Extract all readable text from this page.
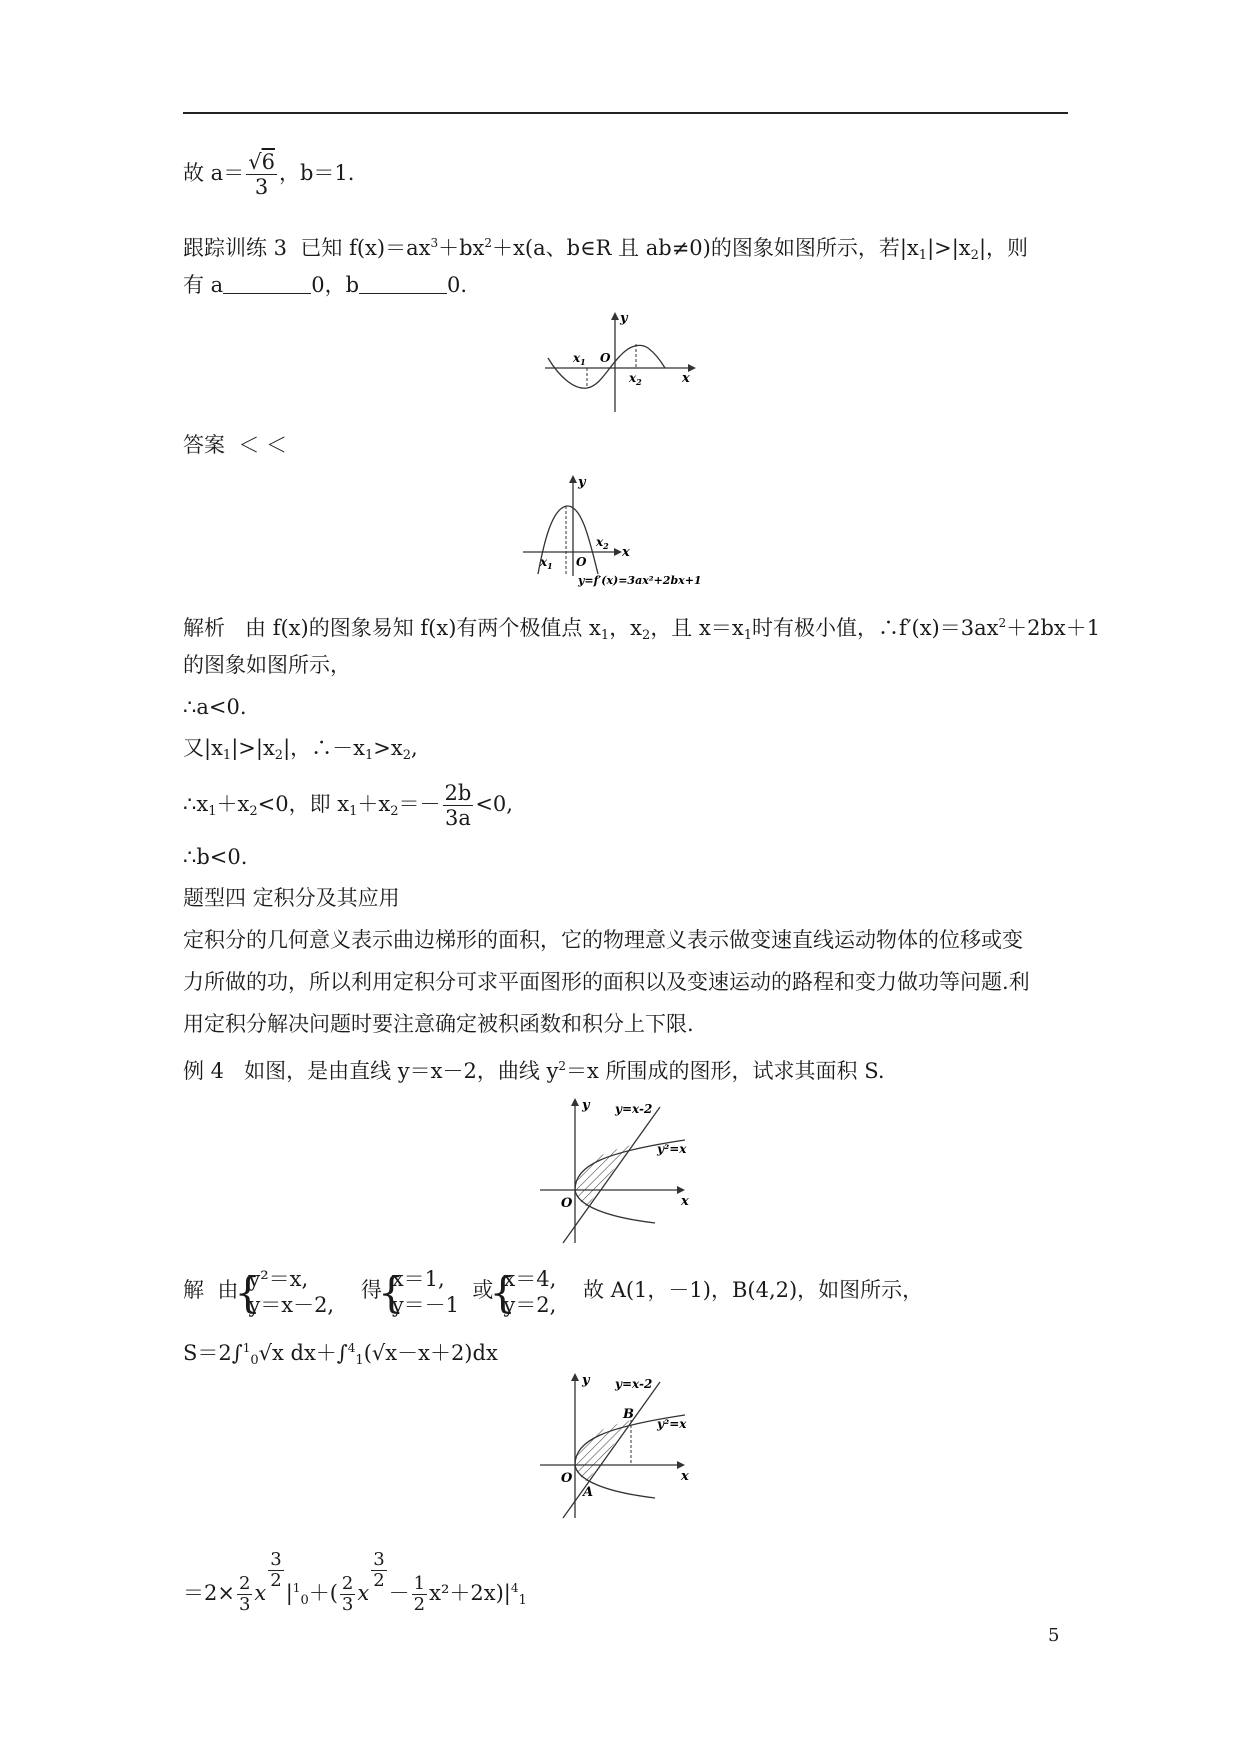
故 $a= \frac{√6}{3}$ ，b＝1.
跟踪训练 3 已知 $f(x)=ax^3+bx^2+x(a$、b∈R 且 ab≠0)的图象如图所示，若$|x_1|>|x_2|$，则
有 a	0，b	0.
$x_1$ O
$x_2$	x
y
答案 ＜ ＜
$x_1$ O
$x_2$ x
y
y=f′(x)=3ax²+2bx+1
解析 由 f(x)的图象易知 f(x)有两个极值点 $x_1$，$x_2$，且 $x=x_1$时有极小值，$\therefore f'(x)=3ax^2+2bx+1$
的图象如图所示，
∴a<0.
又$|x_1|>|x_2|$，$\therefore-x_1>x_2$,
$\therefore x_1+x_2<0$，即 $x_1+x_2=- \frac{2b}{3a} <0$,
∴b<0.
题型四 定积分及其应用
定积分的几何意义表示曲边梯形的面积，它的物理意义表示做变速直线运动物体的位移或变
力所做的功，所以利用定积分可求平面图形的面积以及变速运动的路程和变力做功等问题.利
用定积分解决问题时要注意确定被积函数和积分上下限.
例 4 如图，是由直线 y＝x－2，曲线 $y^2=x$ 所围成的图形，试求其面积 S.
O	x
y y=x-2
y²=x
解 由 { y²＝x,
y＝x－2,
得 { x＝1,
y＝－1
或 { x＝4,
y＝2,
故 A(1，－1)，B(4,2)，如图所示，
S＝2∫$^1_0$√x dx＋∫$^4_1$(√x－x＋2)dx
O	x
y y=x-2
y²=x
B
A
$=2\times \frac{2}{3}$ x
$\frac{3}{2}$
$|^1_0+( \frac{2}{3}$ x
$\frac{3}{2}$
－ $\frac{1}{2} x^2+2x)|^4_1$
5
